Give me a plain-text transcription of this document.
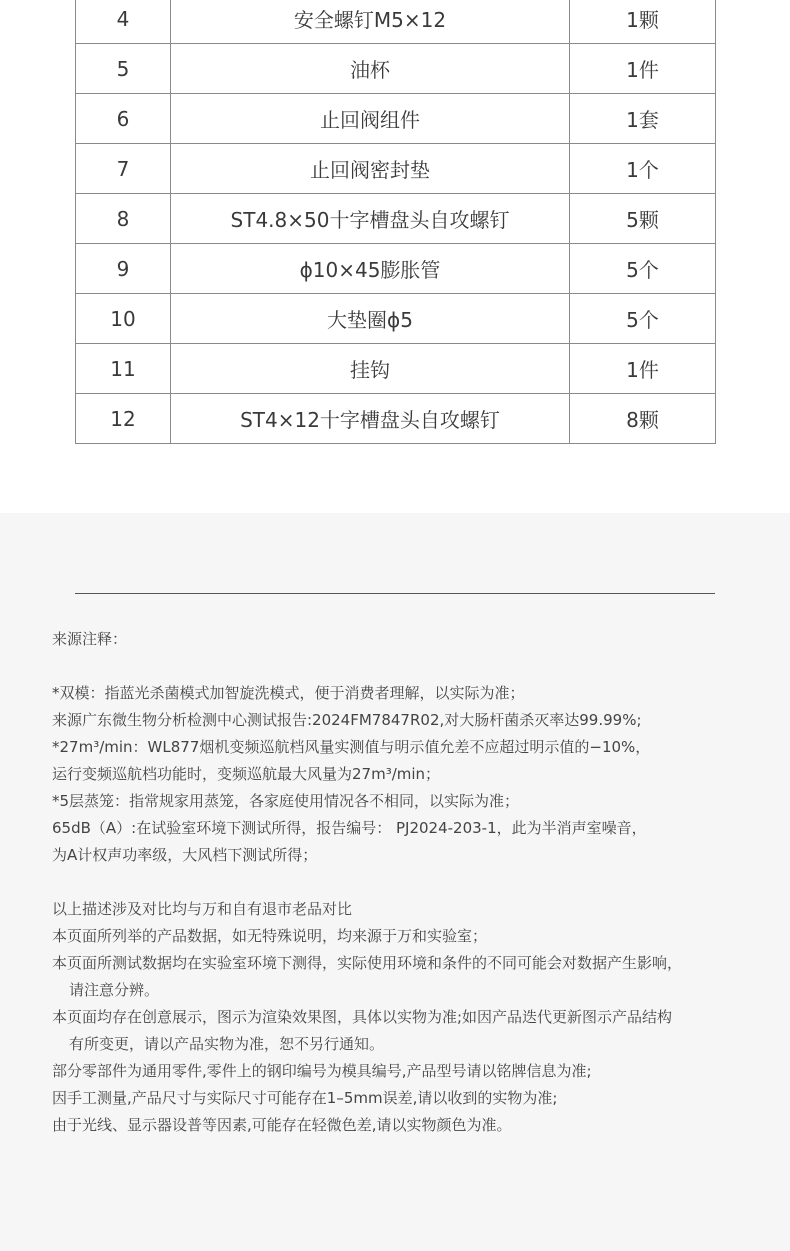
4	安全螺钉M5×12	1颗
5	油杯	1件
6	止回阀组件	1套
7	止回阀密封垫	1个
8	ST4.8×50十字槽盘头自攻螺钉	5颗
9	ϕ10×45膨胀管	5个
10	大垫圈ϕ5	5个
11	挂钩	1件
12	ST4×12十字槽盘头自攻螺钉	8颗
来源注释：
*双模：指蓝光杀菌模式加智旋洗模式，便于消费者理解，以实际为准；
来源广东微生物分析检测中心测试报告:2024FM7847R02,对大肠杆菌杀灭率达99.99%;
*27m³/min：WL877烟机变频巡航档风量实测值与明示值允差不应超过明示值的−10%，
运行变频巡航档功能时，变频巡航最大风量为27m³/min；
*5层蒸笼：指常规家用蒸笼，各家庭使用情况各不相同，以实际为准；
65dB（A）:在试验室环境下测试所得，报告编号： PJ2024-203-1，此为半消声室噪音，
为A计权声功率级，大风档下测试所得；
以上描述涉及对比均与万和自有退市老品对比
本页面所列举的产品数据，如无特殊说明，均来源于万和实验室；
本页面所测试数据均在实验室环境下测得，实际使用环境和条件的不同可能会对数据产生影响，
请注意分辨。
本页面均存在创意展示，图示为渲染效果图，具体以实物为准;如因产品迭代更新图示产品结构
有所变更，请以产品实物为准，恕不另行通知。
部分零部件为通用零件,零件上的钢印编号为模具编号,产品型号请以铭牌信息为准;
因手工测量,产品尺寸与实际尺寸可能存在1–5mm误差,请以收到的实物为准;
由于光线、显示器设普等因素,可能存在轻微色差,请以实物颜色为准。
